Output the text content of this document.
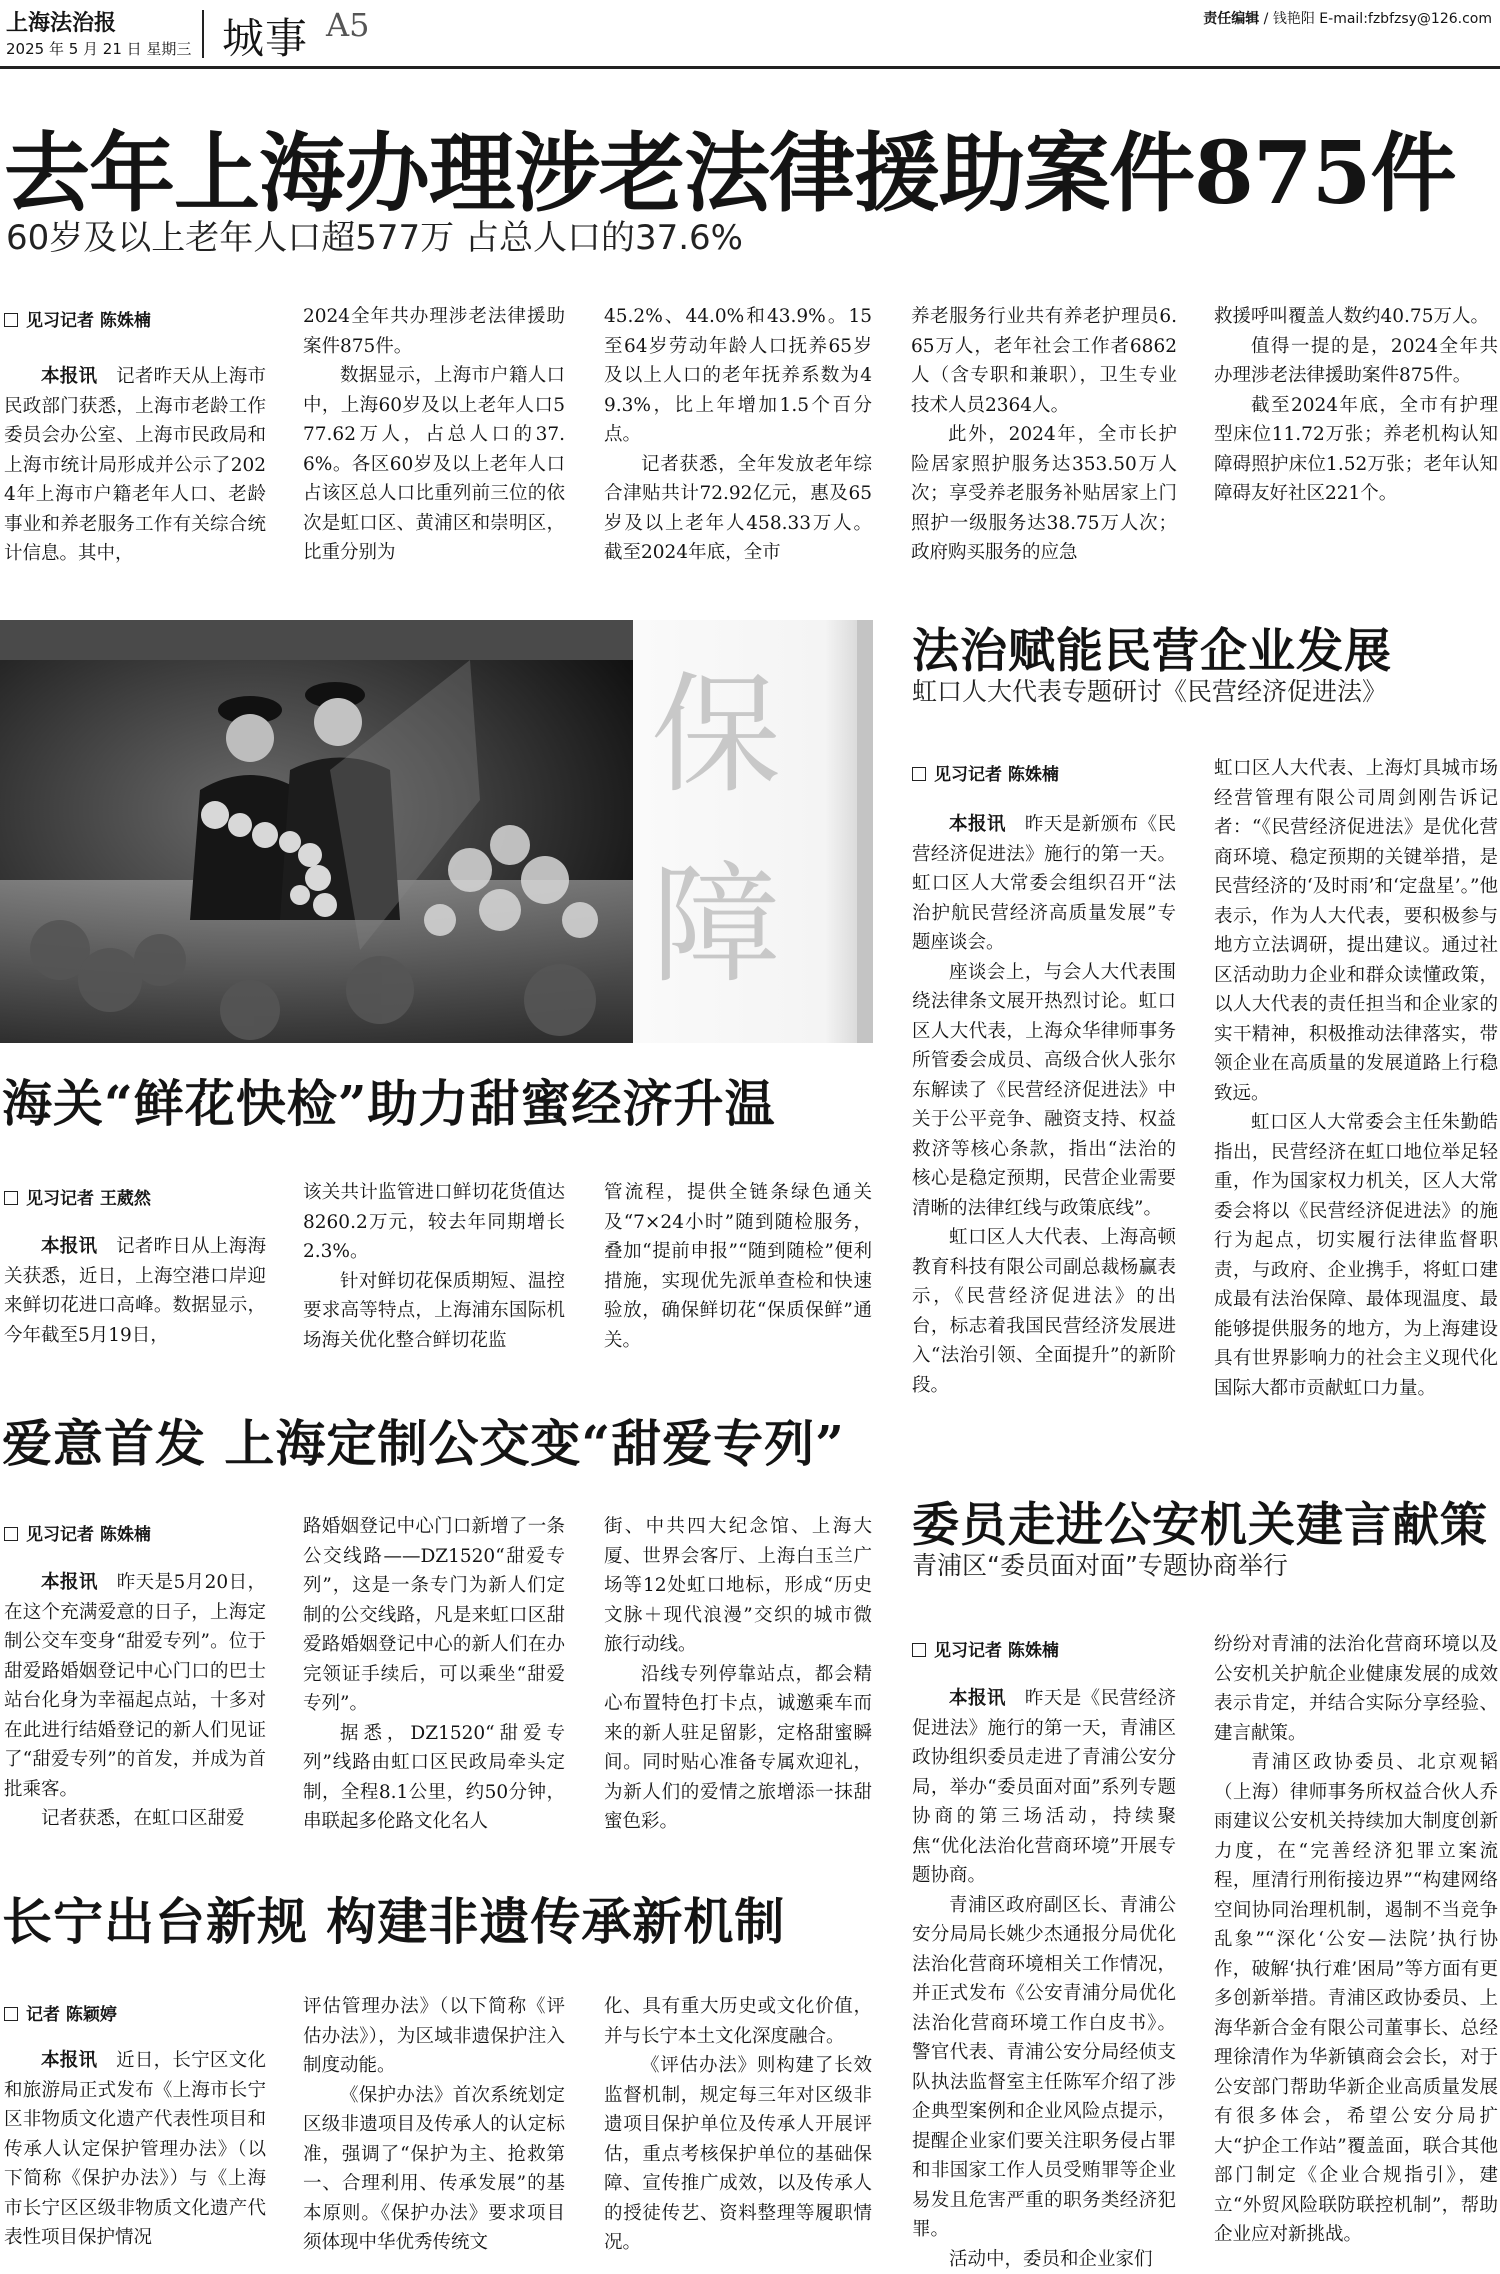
上海法治报
2025 年 5 月 21 日 星期三 城事 A5	责任编辑 / 钱艳阳 E-mail:fzbfzsy@126.com
去年上海办理涉老法律援助案件875件
60岁及以上老年人口超577万 占总人口的37.6%
见习记者 陈姝楠

本报讯　 记者昨天从上海市民政部门获悉，上海市老龄工作委员会办公室、上海市民政局和上海市统计局形成并公示了2024年上海市户籍老年人口、老龄事业和养老服务工作有关综合统计信息。其中，

2024全年共办理涉老法律援助案件875件。

数据显示，上海市户籍人口中，上海60岁及以上老年人口577.62万人，占总人口的37.6%。各区60岁及以上老年人口占该区总人口比重列前三位的依次是虹口区、黄浦区和崇明区，比重分别为

45.2%、44.0%和43.9%。15至64岁劳动年龄人口抚养65岁及以上人口的老年抚养系数为49.3%，比上年增加1.5个百分点。

记者获悉，全年发放老年综合津贴共计72.92亿元，惠及65岁及以上老年人458.33万人。截至2024年底，全市

养老服务行业共有养老护理员6.65万人，老年社会工作者6862人（含专职和兼职），卫生专业技术人员2364人。

此外，2024年，全市长护险居家照护服务达353.50万人次；享受养老服务补贴居家上门照护一级服务达38.75万人次；政府购买服务的应急

救援呼叫覆盖人数约40.75万人。

值得一提的是，2024全年共办理涉老法律援助案件875件。

截至2024年底，全市有护理型床位11.72万张；养老机构认知障碍照护床位1.52万张；老年认知障碍友好社区221个。

保障
海关“鲜花快检”助力甜蜜经济升温
见习记者 王葳然

本报讯　 记者昨日从上海海关获悉，近日，上海空港口岸迎来鲜切花进口高峰。数据显示，今年截至5月19日，

该关共计监管进口鲜切花货值达8260.2万元，较去年同期增长2.3%。

针对鲜切花保质期短、温控要求高等特点，上海浦东国际机场海关优化整合鲜切花监

管流程，提供全链条绿色通关及“7×24小时”随到随检服务，叠加“提前申报”“随到随检”便利措施，实现优先派单查检和快速验放，确保鲜切花“保质保鲜”通关。

爱意首发 上海定制公交变“甜爱专列”
见习记者 陈姝楠

本报讯　 昨天是5月20日，在这个充满爱意的日子，上海定制公交车变身“甜爱专列”。位于甜爱路婚姻登记中心门口的巴士站台化身为幸福起点站，十多对在此进行结婚登记的新人们见证了“甜爱专列”的首发，并成为首批乘客。

记者获悉，在虹口区甜爱

路婚姻登记中心门口新增了一条公交线路——DZ1520“甜爱专列”，这是一条专门为新人们定制的公交线路，凡是来虹口区甜爱路婚姻登记中心的新人们在办完领证手续后，可以乘坐“甜爱专列”。

据悉，DZ1520“甜爱专列”线路由虹口区民政局牵头定制，全程8.1公里，约50分钟，串联起多伦路文化名人

街、中共四大纪念馆、上海大厦、世界会客厅、上海白玉兰广场等12处虹口地标，形成“历史文脉＋现代浪漫”交织的城市微旅行动线。

沿线专列停靠站点，都会精心布置特色打卡点，诚邀乘车而来的新人驻足留影，定格甜蜜瞬间。同时贴心准备专属欢迎礼，为新人们的爱情之旅增添一抹甜蜜色彩。

长宁出台新规 构建非遗传承新机制
记者 陈颖婷

本报讯　 近日，长宁区文化和旅游局正式发布《上海市长宁区非物质文化遗产代表性项目和传承人认定保护管理办法》（以下简称《保护办法》）与《上海市长宁区区级非物质文化遗产代表性项目保护情况

评估管理办法》（以下简称《评估办法》），为区域非遗保护注入制度动能。

《保护办法》首次系统划定区级非遗项目及传承人的认定标准，强调了“保护为主、抢救第一、合理利用、传承发展”的基本原则。《保护办法》要求项目须体现中华优秀传统文

化、具有重大历史或文化价值，并与长宁本土文化深度融合。

《评估办法》则构建了长效监督机制，规定每三年对区级非遗项目保护单位及传承人开展评估，重点考核保护单位的基础保障、宣传推广成效，以及传承人的授徒传艺、资料整理等履职情况。

法治赋能民营企业发展
虹口人大代表专题研讨《民营经济促进法》
见习记者 陈姝楠

本报讯　 昨天是新颁布《民营经济促进法》施行的第一天。虹口区人大常委会组织召开“法治护航民营经济高质量发展”专题座谈会。

座谈会上，与会人大代表围绕法律条文展开热烈讨论。虹口区人大代表，上海众华律师事务所管委会成员、高级合伙人张尔东解读了《民营经济促进法》中关于公平竞争、融资支持、权益救济等核心条款，指出“法治的核心是稳定预期，民营企业需要清晰的法律红线与政策底线”。

虹口区人大代表、上海高顿教育科技有限公司副总裁杨赢表示，《民营经济促进法》的出台，标志着我国民营经济发展进入“法治引领、全面提升”的新阶段。

虹口区人大代表、上海灯具城市场经营管理有限公司周剑刚告诉记者：“《民营经济促进法》是优化营商环境、稳定预期的关键举措，是民营经济的‘及时雨’和‘定盘星’。”他表示，作为人大代表，要积极参与地方立法调研，提出建议。通过社区活动助力企业和群众读懂政策，以人大代表的责任担当和企业家的实干精神，积极推动法律落实，带领企业在高质量的发展道路上行稳致远。

虹口区人大常委会主任朱勤皓指出，民营经济在虹口地位举足轻重，作为国家权力机关，区人大常委会将以《民营经济促进法》的施行为起点，切实履行法律监督职责，与政府、企业携手，将虹口建成最有法治保障、最体现温度、最能够提供服务的地方，为上海建设具有世界影响力的社会主义现代化国际大都市贡献虹口力量。

委员走进公安机关建言献策
青浦区“委员面对面”专题协商举行
见习记者 陈姝楠

本报讯　 昨天是《民营经济促进法》施行的第一天，青浦区政协组织委员走进了青浦公安分局，举办“委员面对面”系列专题协商的第三场活动，持续聚焦“优化法治化营商环境”开展专题协商。

青浦区政府副区长、青浦公安分局局长姚少杰通报分局优化法治化营商环境相关工作情况，并正式发布《公安青浦分局优化法治化营商环境工作白皮书》。警官代表、青浦公安分局经侦支队执法监督室主任陈军介绍了涉企典型案例和企业风险点提示，提醒企业家们要关注职务侵占罪和非国家工作人员受贿罪等企业易发且危害严重的职务类经济犯罪。

活动中，委员和企业家们

纷纷对青浦的法治化营商环境以及公安机关护航企业健康发展的成效表示肯定，并结合实际分享经验、建言献策。

青浦区政协委员、北京观韬（上海）律师事务所权益合伙人乔雨建议公安机关持续加大制度创新力度，在“完善经济犯罪立案流程，厘清行刑衔接边界”“构建网络空间协同治理机制，遏制不当竞争乱象”“深化‘公安—法院’执行协作，破解‘执行难’困局”等方面有更多创新举措。青浦区政协委员、上海华新合金有限公司董事长、总经理徐清作为华新镇商会会长，对于公安部门帮助华新企业高质量发展有很多体会，希望公安分局扩大“护企工作站”覆盖面，联合其他部门制定《企业合规指引》，建立“外贸风险联防联控机制”，帮助企业应对新挑战。
